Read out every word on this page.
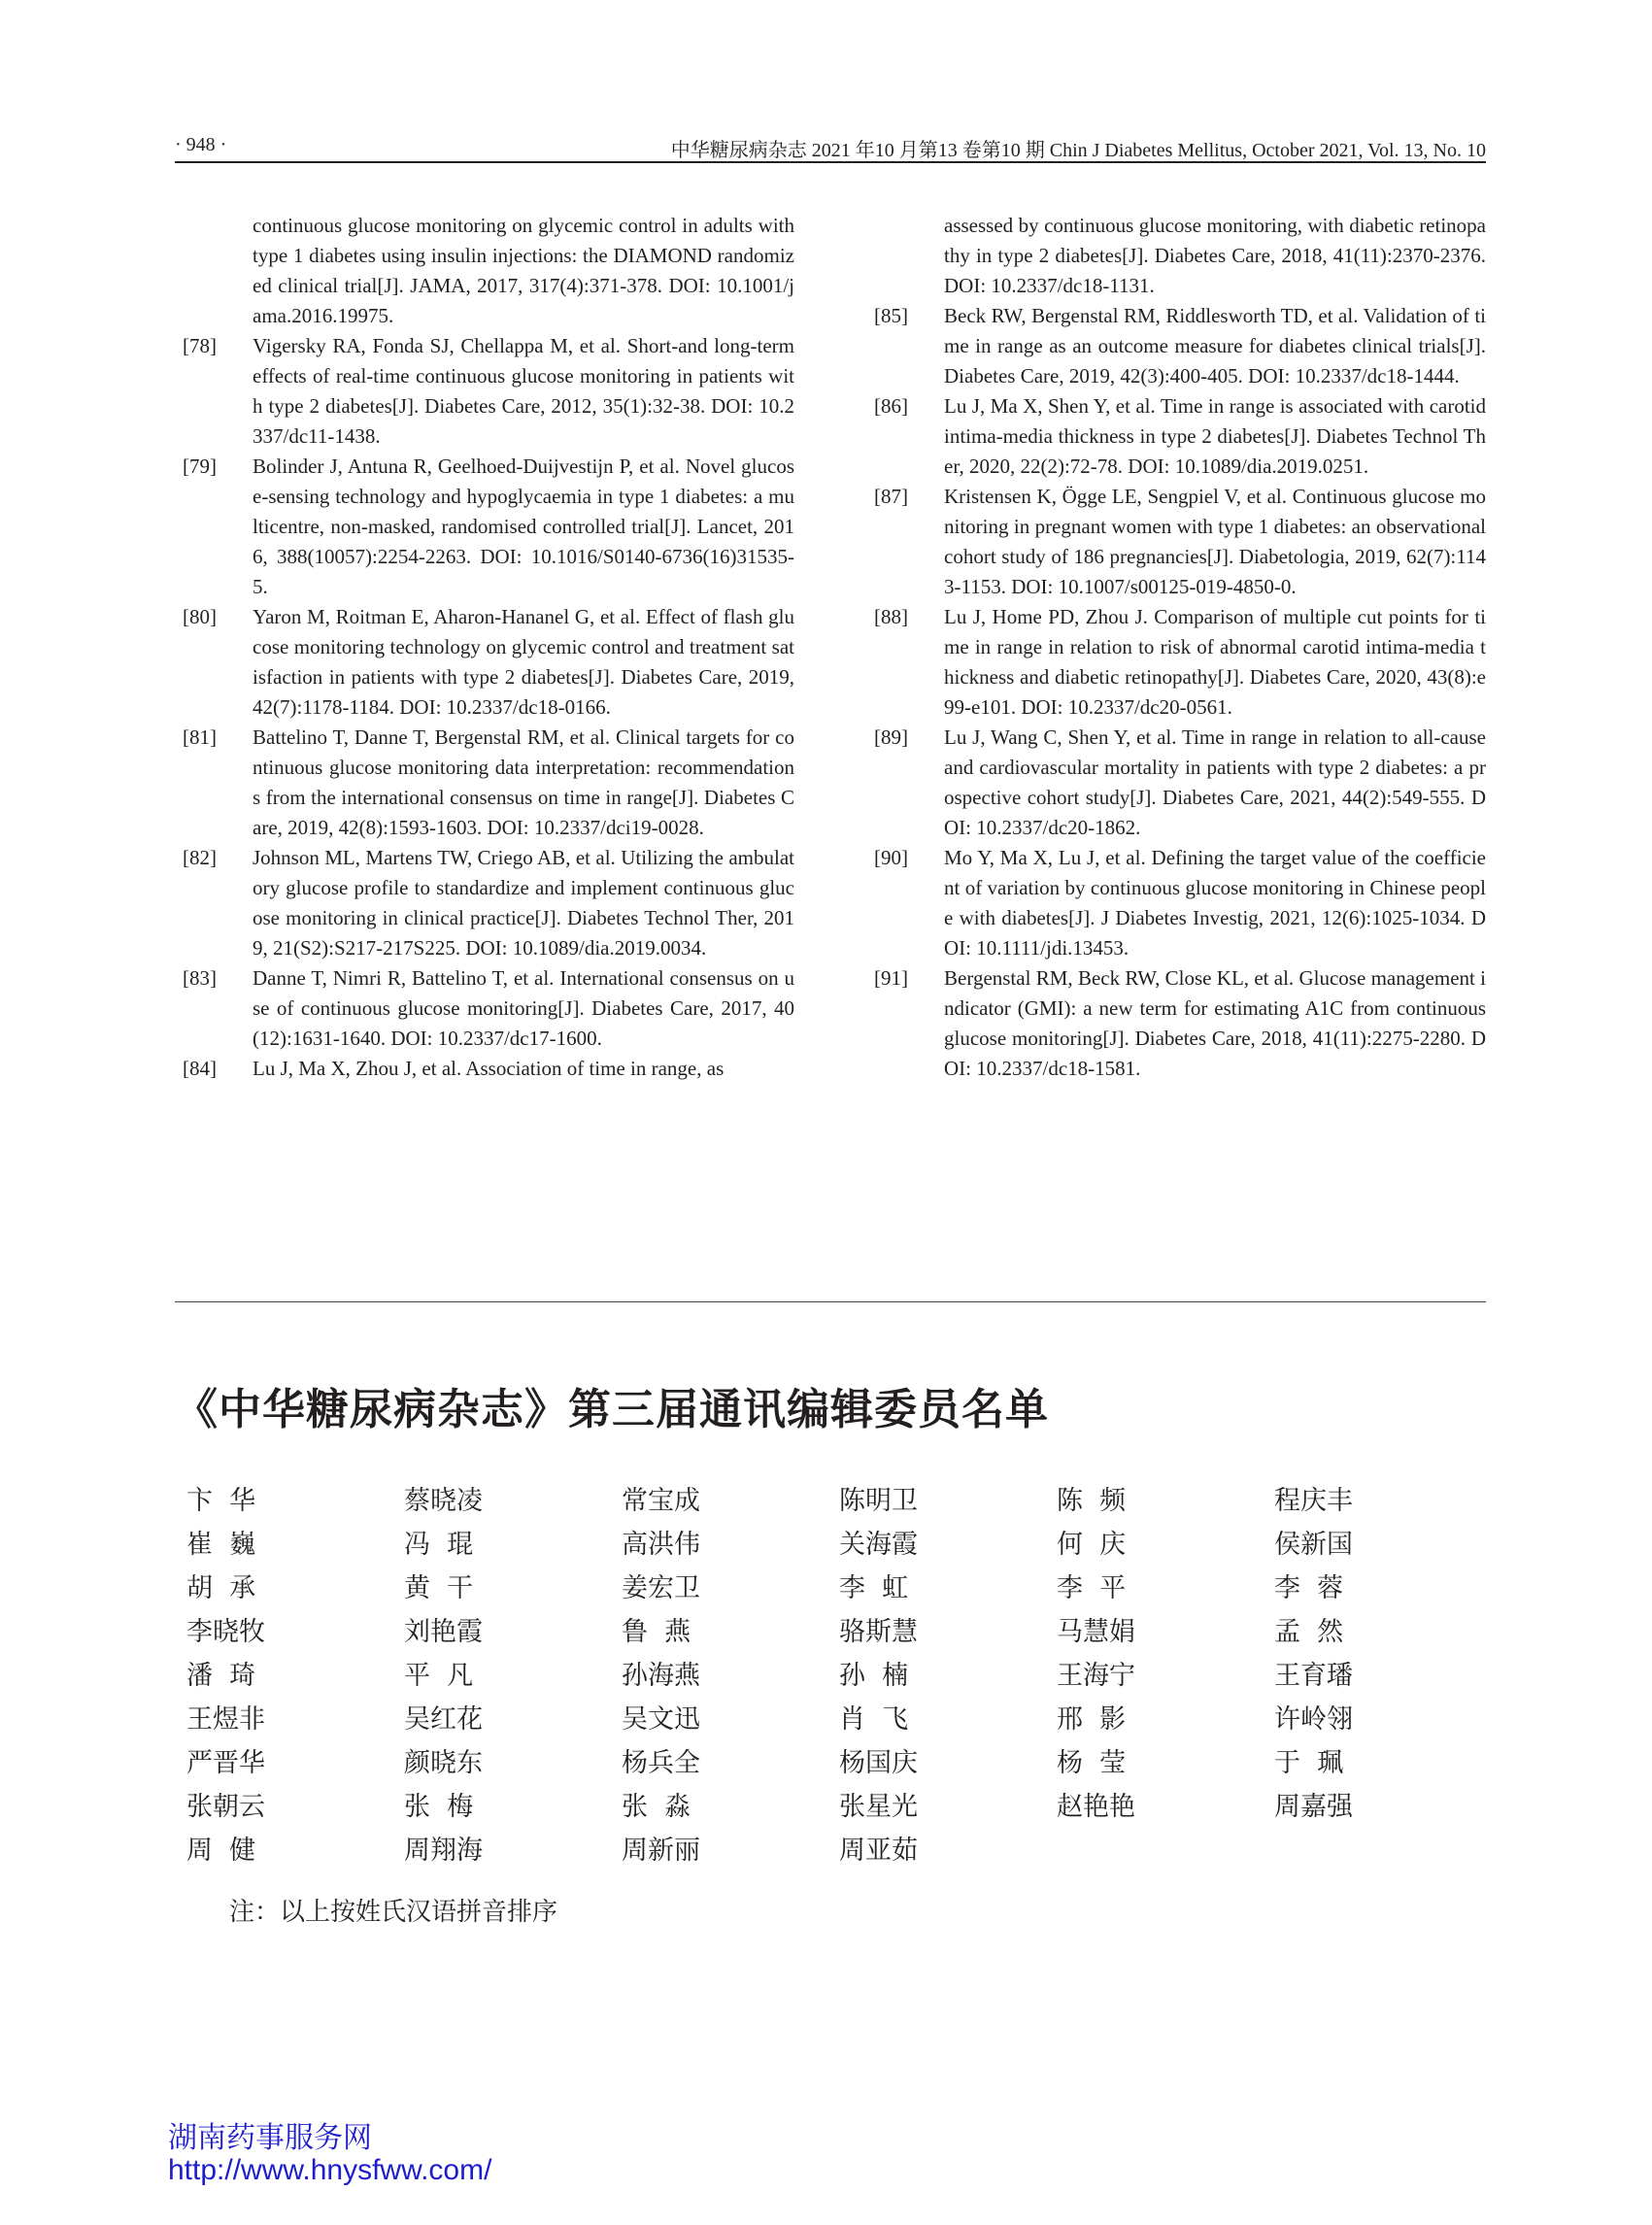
· 948 ·	中华糖尿病杂志 2021 年10 月第13 卷第10 期 Chin J Diabetes Mellitus, October 2021, Vol. 13, No. 10
continuous glucose monitoring on glycemic control in adults with type 1 diabetes using insulin injections: the DIAMOND randomized clinical trial[J]. JAMA, 2017, 317(4):371-378. DOI: 10.1001/jama.2016.19975.
[78]	Vigersky RA, Fonda SJ, Chellappa M, et al. Short-and long-term effects of real-time continuous glucose monitoring in patients with type 2 diabetes[J]. Diabetes Care, 2012, 35(1):32-38. DOI: 10.2337/dc11-1438.
[79]	Bolinder J, Antuna R, Geelhoed-Duijvestijn P, et al. Novel glucose-sensing technology and hypoglycaemia in type 1 diabetes: a multicentre, non-masked, randomised controlled trial[J]. Lancet, 2016, 388(10057):2254-2263. DOI: 10.1016/S0140-6736(16)31535-5.
[80]	Yaron M, Roitman E, Aharon-Hananel G, et al. Effect of flash glucose monitoring technology on glycemic control and treatment satisfaction in patients with type 2 diabetes[J]. Diabetes Care, 2019, 42(7):1178-1184. DOI: 10.2337/dc18-0166.
[81]	Battelino T, Danne T, Bergenstal RM, et al. Clinical targets for continuous glucose monitoring data interpretation: recommendations from the international consensus on time in range[J]. Diabetes Care, 2019, 42(8):1593-1603. DOI: 10.2337/dci19-0028.
[82]	Johnson ML, Martens TW, Criego AB, et al. Utilizing the ambulatory glucose profile to standardize and implement continuous glucose monitoring in clinical practice[J]. Diabetes Technol Ther, 2019, 21(S2):S217-217S225. DOI: 10.1089/dia.2019.0034.
[83]	Danne T, Nimri R, Battelino T, et al. International consensus on use of continuous glucose monitoring[J]. Diabetes Care, 2017, 40(12):1631-1640. DOI: 10.2337/dc17-1600.
[84]	Lu J, Ma X, Zhou J, et al. Association of time in range, as
assessed by continuous glucose monitoring, with diabetic retinopathy in type 2 diabetes[J]. Diabetes Care, 2018, 41(11):2370-2376. DOI: 10.2337/dc18-1131.
[85]	Beck RW, Bergenstal RM, Riddlesworth TD, et al. Validation of time in range as an outcome measure for diabetes clinical trials[J]. Diabetes Care, 2019, 42(3):400-405. DOI: 10.2337/dc18-1444.
[86]	Lu J, Ma X, Shen Y, et al. Time in range is associated with carotid intima-media thickness in type 2 diabetes[J]. Diabetes Technol Ther, 2020, 22(2):72-78. DOI: 10.1089/dia.2019.0251.
[87]	Kristensen K, Ögge LE, Sengpiel V, et al. Continuous glucose monitoring in pregnant women with type 1 diabetes: an observational cohort study of 186 pregnancies[J]. Diabetologia, 2019, 62(7):1143-1153. DOI: 10.1007/s00125-019-4850-0.
[88]	Lu J, Home PD, Zhou J. Comparison of multiple cut points for time in range in relation to risk of abnormal carotid intima-media thickness and diabetic retinopathy[J]. Diabetes Care, 2020, 43(8):e99-e101. DOI: 10.2337/dc20-0561.
[89]	Lu J, Wang C, Shen Y, et al. Time in range in relation to all-cause and cardiovascular mortality in patients with type 2 diabetes: a prospective cohort study[J]. Diabetes Care, 2021, 44(2):549-555. DOI: 10.2337/dc20-1862.
[90]	Mo Y, Ma X, Lu J, et al. Defining the target value of the coefficient of variation by continuous glucose monitoring in Chinese people with diabetes[J]. J Diabetes Investig, 2021, 12(6):1025-1034. DOI: 10.1111/jdi.13453.
[91]	Bergenstal RM, Beck RW, Close KL, et al. Glucose management indicator (GMI): a new term for estimating A1C from continuous glucose monitoring[J]. Diabetes Care, 2018, 41(11):2275-2280. DOI: 10.2337/dc18-1581.
《中华糖尿病杂志》第三届通讯编辑委员名单
卞  华	蔡晓凌	常宝成	陈明卫	陈  频	程庆丰
崔  巍	冯  琨	高洪伟	关海霞	何  庆	侯新国
胡  承	黄  干	姜宏卫	李  虹	李  平	李  蓉
李晓牧	刘艳霞	鲁  燕	骆斯慧	马慧娟	孟  然
潘  琦	平  凡	孙海燕	孙  楠	王海宁	王育璠
王煜非	吴红花	吴文迅	肖  飞	邢  影	许岭翎
严晋华	颜晓东	杨兵全	杨国庆	杨  莹	于  珮
张朝云	张  梅	张  淼	张星光	赵艳艳	周嘉强
周  健	周翔海	周新丽	周亚茹
注：以上按姓氏汉语拼音排序
湖南药事服务网
http://www.hnysfww.com/
